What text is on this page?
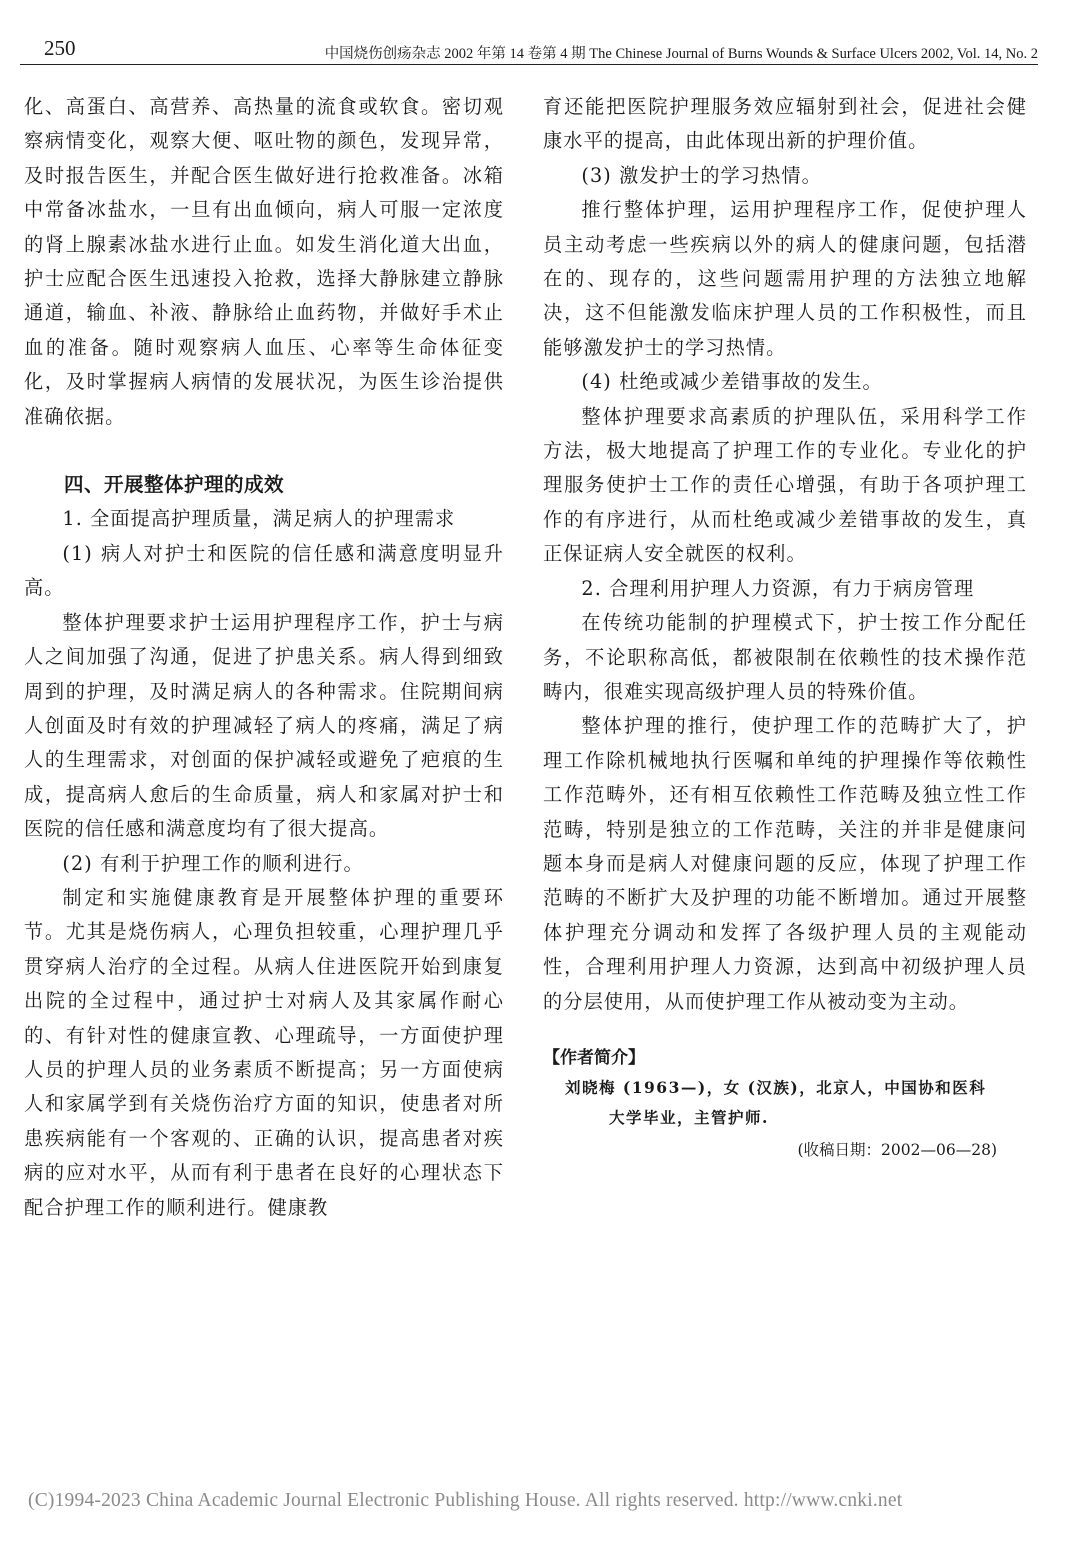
250	中国烧伤创疡杂志 2002 年第 14 卷第 4 期 The Chinese Journal of Burns Wounds & Surface Ulcers 2002, Vol. 14, No. 2

化、高蛋白、高营养、高热量的流食或软食。密切观察病情变化，观察大便、呕吐物的颜色，发现异常，及时报告医生，并配合医生做好进行抢救准备。冰箱中常备冰盐水，一旦有出血倾向，病人可服一定浓度的肾上腺素冰盐水进行止血。如发生消化道大出血，护士应配合医生迅速投入抢救，选择大静脉建立静脉通道，输血、补液、静脉给止血药物，并做好手术止血的准备。随时观察病人血压、心率等生命体征变化，及时掌握病人病情的发展状况，为医生诊治提供准确依据。

四、开展整体护理的成效

1. 全面提高护理质量，满足病人的护理需求

(1) 病人对护士和医院的信任感和满意度明显升高。

整体护理要求护士运用护理程序工作，护士与病人之间加强了沟通，促进了护患关系。病人得到细致周到的护理，及时满足病人的各种需求。住院期间病人创面及时有效的护理减轻了病人的疼痛，满足了病人的生理需求，对创面的保护减轻或避免了疤痕的生成，提高病人愈后的生命质量，病人和家属对护士和医院的信任感和满意度均有了很大提高。

(2) 有利于护理工作的顺利进行。

制定和实施健康教育是开展整体护理的重要环节。尤其是烧伤病人，心理负担较重，心理护理几乎贯穿病人治疗的全过程。从病人住进医院开始到康复出院的全过程中，通过护士对病人及其家属作耐心的、有针对性的健康宣教、心理疏导，一方面使护理人员的护理人员的业务素质不断提高；另一方面使病人和家属学到有关烧伤治疗方面的知识，使患者对所患疾病能有一个客观的、正确的认识，提高患者对疾病的应对水平，从而有利于患者在良好的心理状态下配合护理工作的顺利进行。健康教

育还能把医院护理服务效应辐射到社会，促进社会健康水平的提高，由此体现出新的护理价值。

(3) 激发护士的学习热情。

推行整体护理，运用护理程序工作，促使护理人员主动考虑一些疾病以外的病人的健康问题，包括潜在的、现存的，这些问题需用护理的方法独立地解决，这不但能激发临床护理人员的工作积极性，而且能够激发护士的学习热情。

(4) 杜绝或减少差错事故的发生。

整体护理要求高素质的护理队伍，采用科学工作方法，极大地提高了护理工作的专业化。专业化的护理服务使护士工作的责任心增强，有助于各项护理工作的有序进行，从而杜绝或减少差错事故的发生，真正保证病人安全就医的权利。

2. 合理利用护理人力资源，有力于病房管理

在传统功能制的护理模式下，护士按工作分配任务，不论职称高低，都被限制在依赖性的技术操作范畴内，很难实现高级护理人员的特殊价值。

整体护理的推行，使护理工作的范畴扩大了，护理工作除机械地执行医嘱和单纯的护理操作等依赖性工作范畴外，还有相互依赖性工作范畴及独立性工作范畴，特别是独立的工作范畴，关注的并非是健康问题本身而是病人对健康问题的反应，体现了护理工作范畴的不断扩大及护理的功能不断增加。通过开展整体护理充分调动和发挥了各级护理人员的主观能动性，合理利用护理人力资源，达到高中初级护理人员的分层使用，从而使护理工作从被动变为主动。

【作者简介】
刘晓梅 (1963—)，女 (汉族)，北京人，中国协和医科
大学毕业，主管护师.
(收稿日期：2002—06—28)
(C)1994-2023 China Academic Journal Electronic Publishing House. All rights reserved. http://www.cnki.net
